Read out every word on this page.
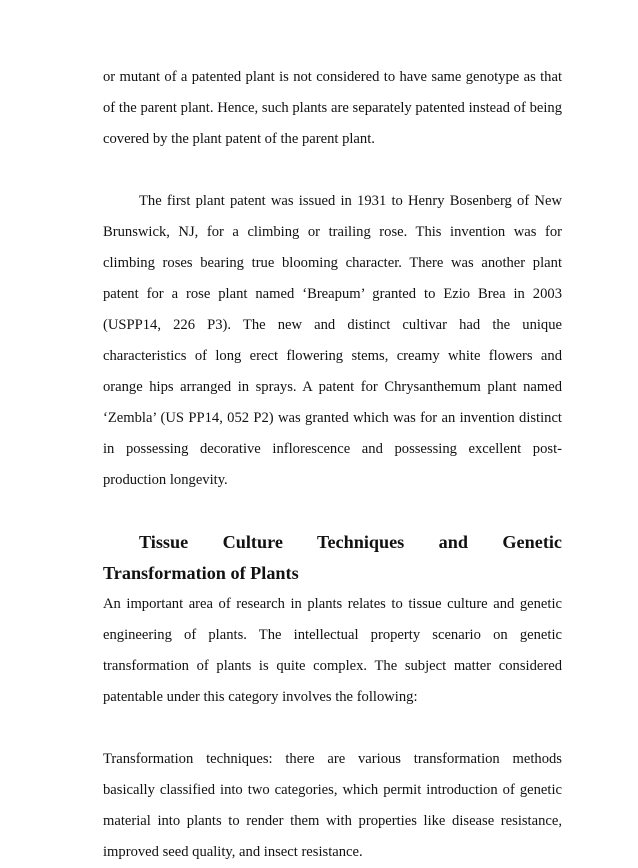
or mutant of a patented plant is not considered to have same genotype as that of the parent plant. Hence, such plants are separately patented instead of being covered by the plant patent of the parent plant.

The first plant patent was issued in 1931 to Henry Bosenberg of New Brunswick, NJ, for a climbing or trailing rose. This invention was for climbing roses bearing true blooming character. There was another plant patent for a rose plant named ‘Breapum’ granted to Ezio Brea in 2003 (USPP14, 226 P3). The new and distinct cultivar had the unique characteristics of long erect flowering stems, creamy white flowers and orange hips arranged in sprays. A patent for Chrysanthemum plant named ‘Zembla’ (US PP14, 052 P2) was granted which was for an invention distinct in possessing decorative inflorescence and possessing excellent post-production longevity.

Tissue Culture Techniques and Genetic Transformation of Plants

An important area of research in plants relates to tissue culture and genetic engineering of plants. The intellectual property scenario on genetic transformation of plants is quite complex. The subject matter considered patentable under this category involves the following:

Transformation techniques: there are various transformation methods basically classified into two categories, which permit introduction of genetic material into plants to render them with properties like disease resistance, improved seed quality, and insect resistance.
